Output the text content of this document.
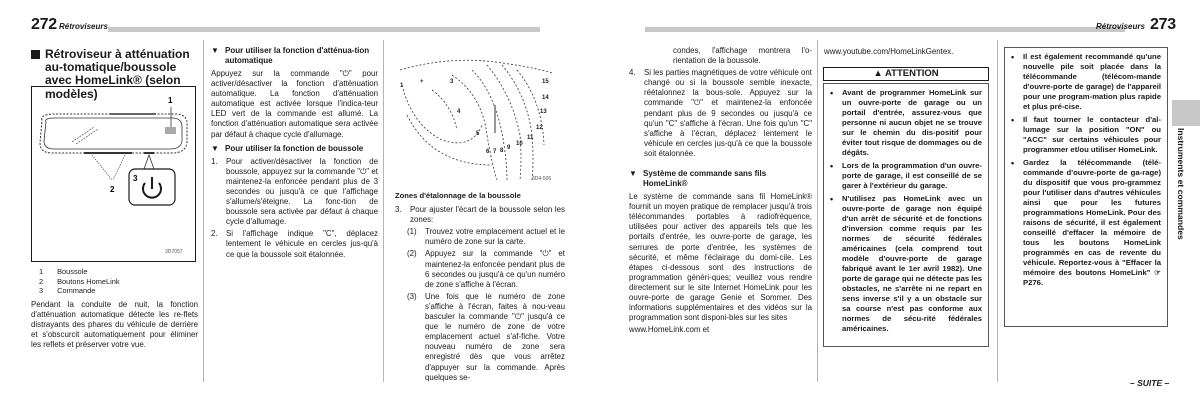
272 Rétroviseurs	Rétroviseurs 273
Rétroviseur à atténuation au-tomatique/boussole avec HomeLink® (selon modèles)	1
2
3
3D7057
1 Boussole
2 Boutons HomeLink
3 Commande

Pendant la conduite de nuit, la fonction d'atténuation automatique détecte les re-flets distrayants des phares du véhicule de derrière et s'obscurcit automatiquement pour éliminer les reflets et préserver votre vue.

▼ Pour utiliser la fonction d'atténua-tion automatique

Appuyez sur la commande "⏻" pour activer/désactiver la fonction d'atténuation automatique. La fonction d'atténuation automatique est activée lorsque l'indica-teur LED vert de la commande est allumé. La fonction d'atténuation automatique sera activée par défaut à chaque cycle d'allumage.

▼ Pour utiliser la fonction de boussole
1.	Pour activer/désactiver la fonction de boussole, appuyez sur la commande "⏻" et maintenez-la enfoncée pendant plus de 3 secondes ou jusqu'à ce que l'affichage s'allume/s'éteigne. La fonc-tion de boussole sera activée par défaut à chaque cycle d'allumage.
2.	Si l'affichage indique "C", déplacez lentement le véhicule en cercles jus-qu'à ce que la boussole soit étalonnée.
1
+	3
4
5
6 7 8 9
10
11
12
13
14
15
3D4-506

Zones d'étalonnage de la boussole

3.	Pour ajuster l'écart de la boussole selon les zones:
(1)	Trouvez votre emplacement actuel et le numéro de zone sur la carte.
(2)	Appuyez sur la commande "⏻" et maintenez-la enfoncée pendant plus de 6 secondes ou jusqu'à ce qu'un numéro de zone s'affiche à l'écran.
(3)	Une fois que le numéro de zone s'affiche à l'écran, faites à nou-veau basculer la commande "⏻" jusqu'à ce que le numéro de zone de votre emplacement actuel s'af-fiche. Votre nouveau numéro de zone sera enregistré dès que vous arrêtez d'appuyer sur la commande. Après quelques se-

condes, l'affichage montrera l'o-rientation de la boussole.

4.	Si les parties magnétiques de votre véhicule ont changé ou si la boussole semble inexacte, réétalonnez la bous-sole. Appuyez sur la commande "⏻" et maintenez-la enfoncée pendant plus de 9 secondes ou jusqu'à ce qu'un "C" s'affiche à l'écran. Une fois qu'un "C" s'affiche à l'écran, déplacez lentement le véhicule en cercles jus-qu'à ce que la boussole soit étalonnée.
▼ Système de commande sans fils HomeLink®

Le système de commande sans fil HomeLink® fournit un moyen pratique de remplacer jusqu'à trois télécommandes portables à radiofréquence, utilisées pour activer des appareils tels que les portails d'entrée, les ouvre-porte de garage, les serrures de porte d'entrée, les systèmes de sécurité, et même l'éclairage du domi-cile. Les étapes ci-dessous sont des instructions de programmation généri-ques; veuillez vous rendre directement sur le site Internet HomeLink pour les ouvre-porte de garage Genie et Sommer. Des informations supplémentaires et des vidéos sur la programmation sont disponi-bles sur les sites

www.HomeLink.com et

www.youtube.com/HomeLinkGentex.
▲ ATTENTION
• Avant de programmer HomeLink sur un ouvre-porte de garage ou un portail d'entrée, assurez-vous que personne ni aucun objet ne se trouve sur le chemin du dis-positif pour éviter tout risque de dommages ou de dégâts.
• Lors de la programmation d'un ouvre-porte de garage, il est conseillé de se garer à l'extérieur du garage.
• N'utilisez pas HomeLink avec un ouvre-porte de garage non équipé d'un arrêt de sécurité et de fonctions d'inversion comme requis par les normes de sécurité fédérales américaines (cela comprend tout modèle d'ouvre-porte de garage fabriqué avant le 1er avril 1982). Une porte de garage qui ne détecte pas les obstacles, ne s'arrête ni ne repart en sens inverse s'il y a un obstacle sur sa course n'est pas conforme aux normes de sécu-rité fédérales américaines.
• Il est également recommandé qu'une nouvelle pile soit placée dans la télécommande (télécom-mande d'ouvre-porte de garage) de l'appareil pour une program-mation plus rapide et plus pré-cise.
• Il faut tourner le contacteur d'al-lumage sur la position "ON" ou "ACC" sur certains véhicules pour programmer et/ou utiliser HomeLink.
• Gardez la télécommande (télé-commande d'ouvre-porte de ga-rage) du dispositif que vous pro-grammez pour l'utiliser dans d'autres véhicules ainsi que pour les futures programmations HomeLink. Pour des raisons de sécurité, il est également conseillé d'effacer la mémoire de tous les boutons HomeLink programmés en cas de revente du véhicule. Reportez-vous à "Effacer la mémoire des boutons HomeLink" ☞P276.
Instruments et commandes
– SUITE –
